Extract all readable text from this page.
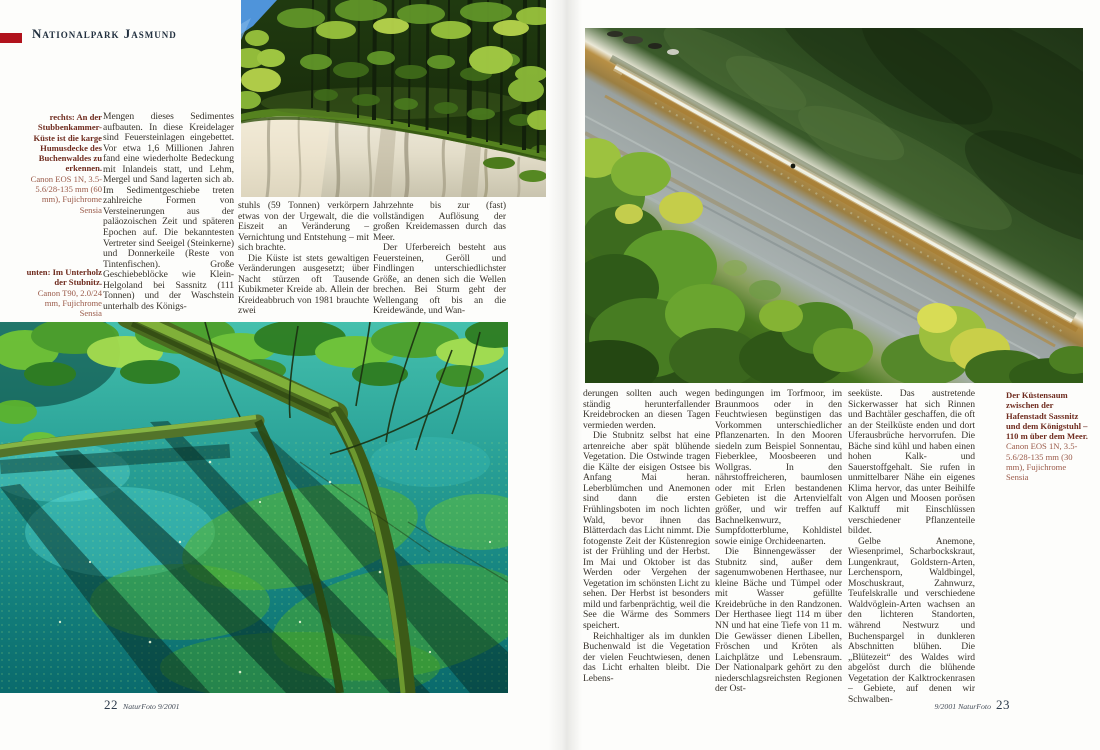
Nationalpark Jasmund

rechts: An der Stubbenkammer-Küste ist die karge Humusdecke des Buchenwaldes zu erkennen.

Canon EOS 1N, 3.5-5.6/28-135 mm (60 mm), Fujichrome Sensia

unten: Im Unterholz der Stubnitz.

Canon T90, 2.0/24 mm, Fujichrome Sensia

Mengen dieses Sedimentes aufbauten. In diese Kreidelager sind Feuersteinlagen eingebettet. Vor etwa 1,6 Millionen Jahren fand eine wiederholte Bedeckung mit Inlandeis statt, und Lehm, Mergel und Sand lagerten sich ab. Im Sedimentgeschiebe treten zahlreiche Formen von Versteinerungen aus der paläozoischen Zeit und späteren Epochen auf. Die bekanntesten Vertreter sind Seeigel (Steinkerne) und Donnerkeile (Reste von Tintenfischen). Große Geschiebeblöcke wie Klein-Helgoland bei Sassnitz (111 Tonnen) und der Waschstein unterhalb des Königs-

stuhls (59 Tonnen) verkörpern etwas von der Urgewalt, die die Eiszeit an Veränderung – Vernichtung und Entstehung – mit sich brachte.

Die Küste ist stets gewaltigen Veränderungen ausgesetzt; über Nacht stürzen oft Tausende Kubikmeter Kreide ab. Allein der Kreideabbruch von 1981 brauchte zwei

Jahrzehnte bis zur (fast) vollständigen Auflösung der großen Kreidemassen durch das Meer.

Der Uferbereich besteht aus Feuersteinen, Geröll und Findlingen unterschiedlichster Größe, an denen sich die Wellen brechen. Bei Sturm geht der Wellengang oft bis an die Kreidewände, und Wan-

22 NaturFoto 9/2001

Der Küstensaum zwischen der Hafenstadt Sassnitz und dem Königstuhl – 110 m über dem Meer.

Canon EOS 1N, 3.5-5.6/28-135 mm (30 mm), Fujichrome Sensia

derungen sollten auch wegen ständig herunterfallender Kreidebrocken an diesen Tagen vermieden werden.

Die Stubnitz selbst hat eine artenreiche aber spät blühende Vegetation. Die Ostwinde tragen die Kälte der eisigen Ostsee bis Anfang Mai heran. Leberblümchen und Anemonen sind dann die ersten Frühlingsboten im noch lichten Wald, bevor ihnen das Blätterdach das Licht nimmt. Die fotogenste Zeit der Küstenregion ist der Frühling und der Herbst. Im Mai und Oktober ist das Werden oder Vergehen der Vegetation im schönsten Licht zu sehen. Der Herbst ist besonders mild und farbenprächtig, weil die See die Wärme des Sommers speichert.

Reichhaltiger als im dunklen Buchenwald ist die Vegetation der vielen Feuchtwiesen, denen das Licht erhalten bleibt. Die Lebens-

bedingungen im Torfmoor, im Braunmoos oder in den Feuchtwiesen begünstigen das Vorkommen unterschiedlicher Pflanzenarten. In den Mooren siedeln zum Beispiel Sonnentau, Fieberklee, Moosbeeren und Wollgras. In den nährstoffreicheren, baumlosen oder mit Erlen bestandenen Gebieten ist die Artenvielfalt größer, und wir treffen auf Bachnelkenwurz, Sumpfdotterblume, Kohldistel sowie einige Orchideenarten.

Die Binnengewässer der Stubnitz sind, außer dem sagenumwobenen Herthasee, nur kleine Bäche und Tümpel oder mit Wasser gefüllte Kreidebrüche in den Randzonen. Der Herthasee liegt 114 m über NN und hat eine Tiefe von 11 m. Die Gewässer dienen Libellen, Fröschen und Kröten als Laichplätze und Lebensraum. Der Nationalpark gehört zu den niederschlagsreichsten Regionen der Ost-

seeküste. Das austretende Sickerwasser hat sich Rinnen und Bachtäler geschaffen, die oft an der Steilküste enden und dort Uferausbrüche hervorrufen. Die Bäche sind kühl und haben einen hohen Kalk- und Sauerstoffgehalt. Sie rufen in unmittelbarer Nähe ein eigenes Klima hervor, das unter Beihilfe von Algen und Moosen porösen Kalktuff mit Einschlüssen verschiedener Pflanzenteile bildet.

Gelbe Anemone, Wiesenprimel, Scharbockskraut, Lungenkraut, Goldstern-Arten, Lerchensporn, Waldbingel, Moschuskraut, Zahnwurz, Teufelskralle und verschiedene Waldvöglein-Arten wachsen an den lichteren Standorten, während Nestwurz und Buchenspargel in dunkleren Abschnitten blühen. Die „Blütezeit“ des Waldes wird abgelöst durch die blühende Vegetation der Kalktrockenrasen – Gebiete, auf denen wir Schwalben-

9/2001 NaturFoto 23
